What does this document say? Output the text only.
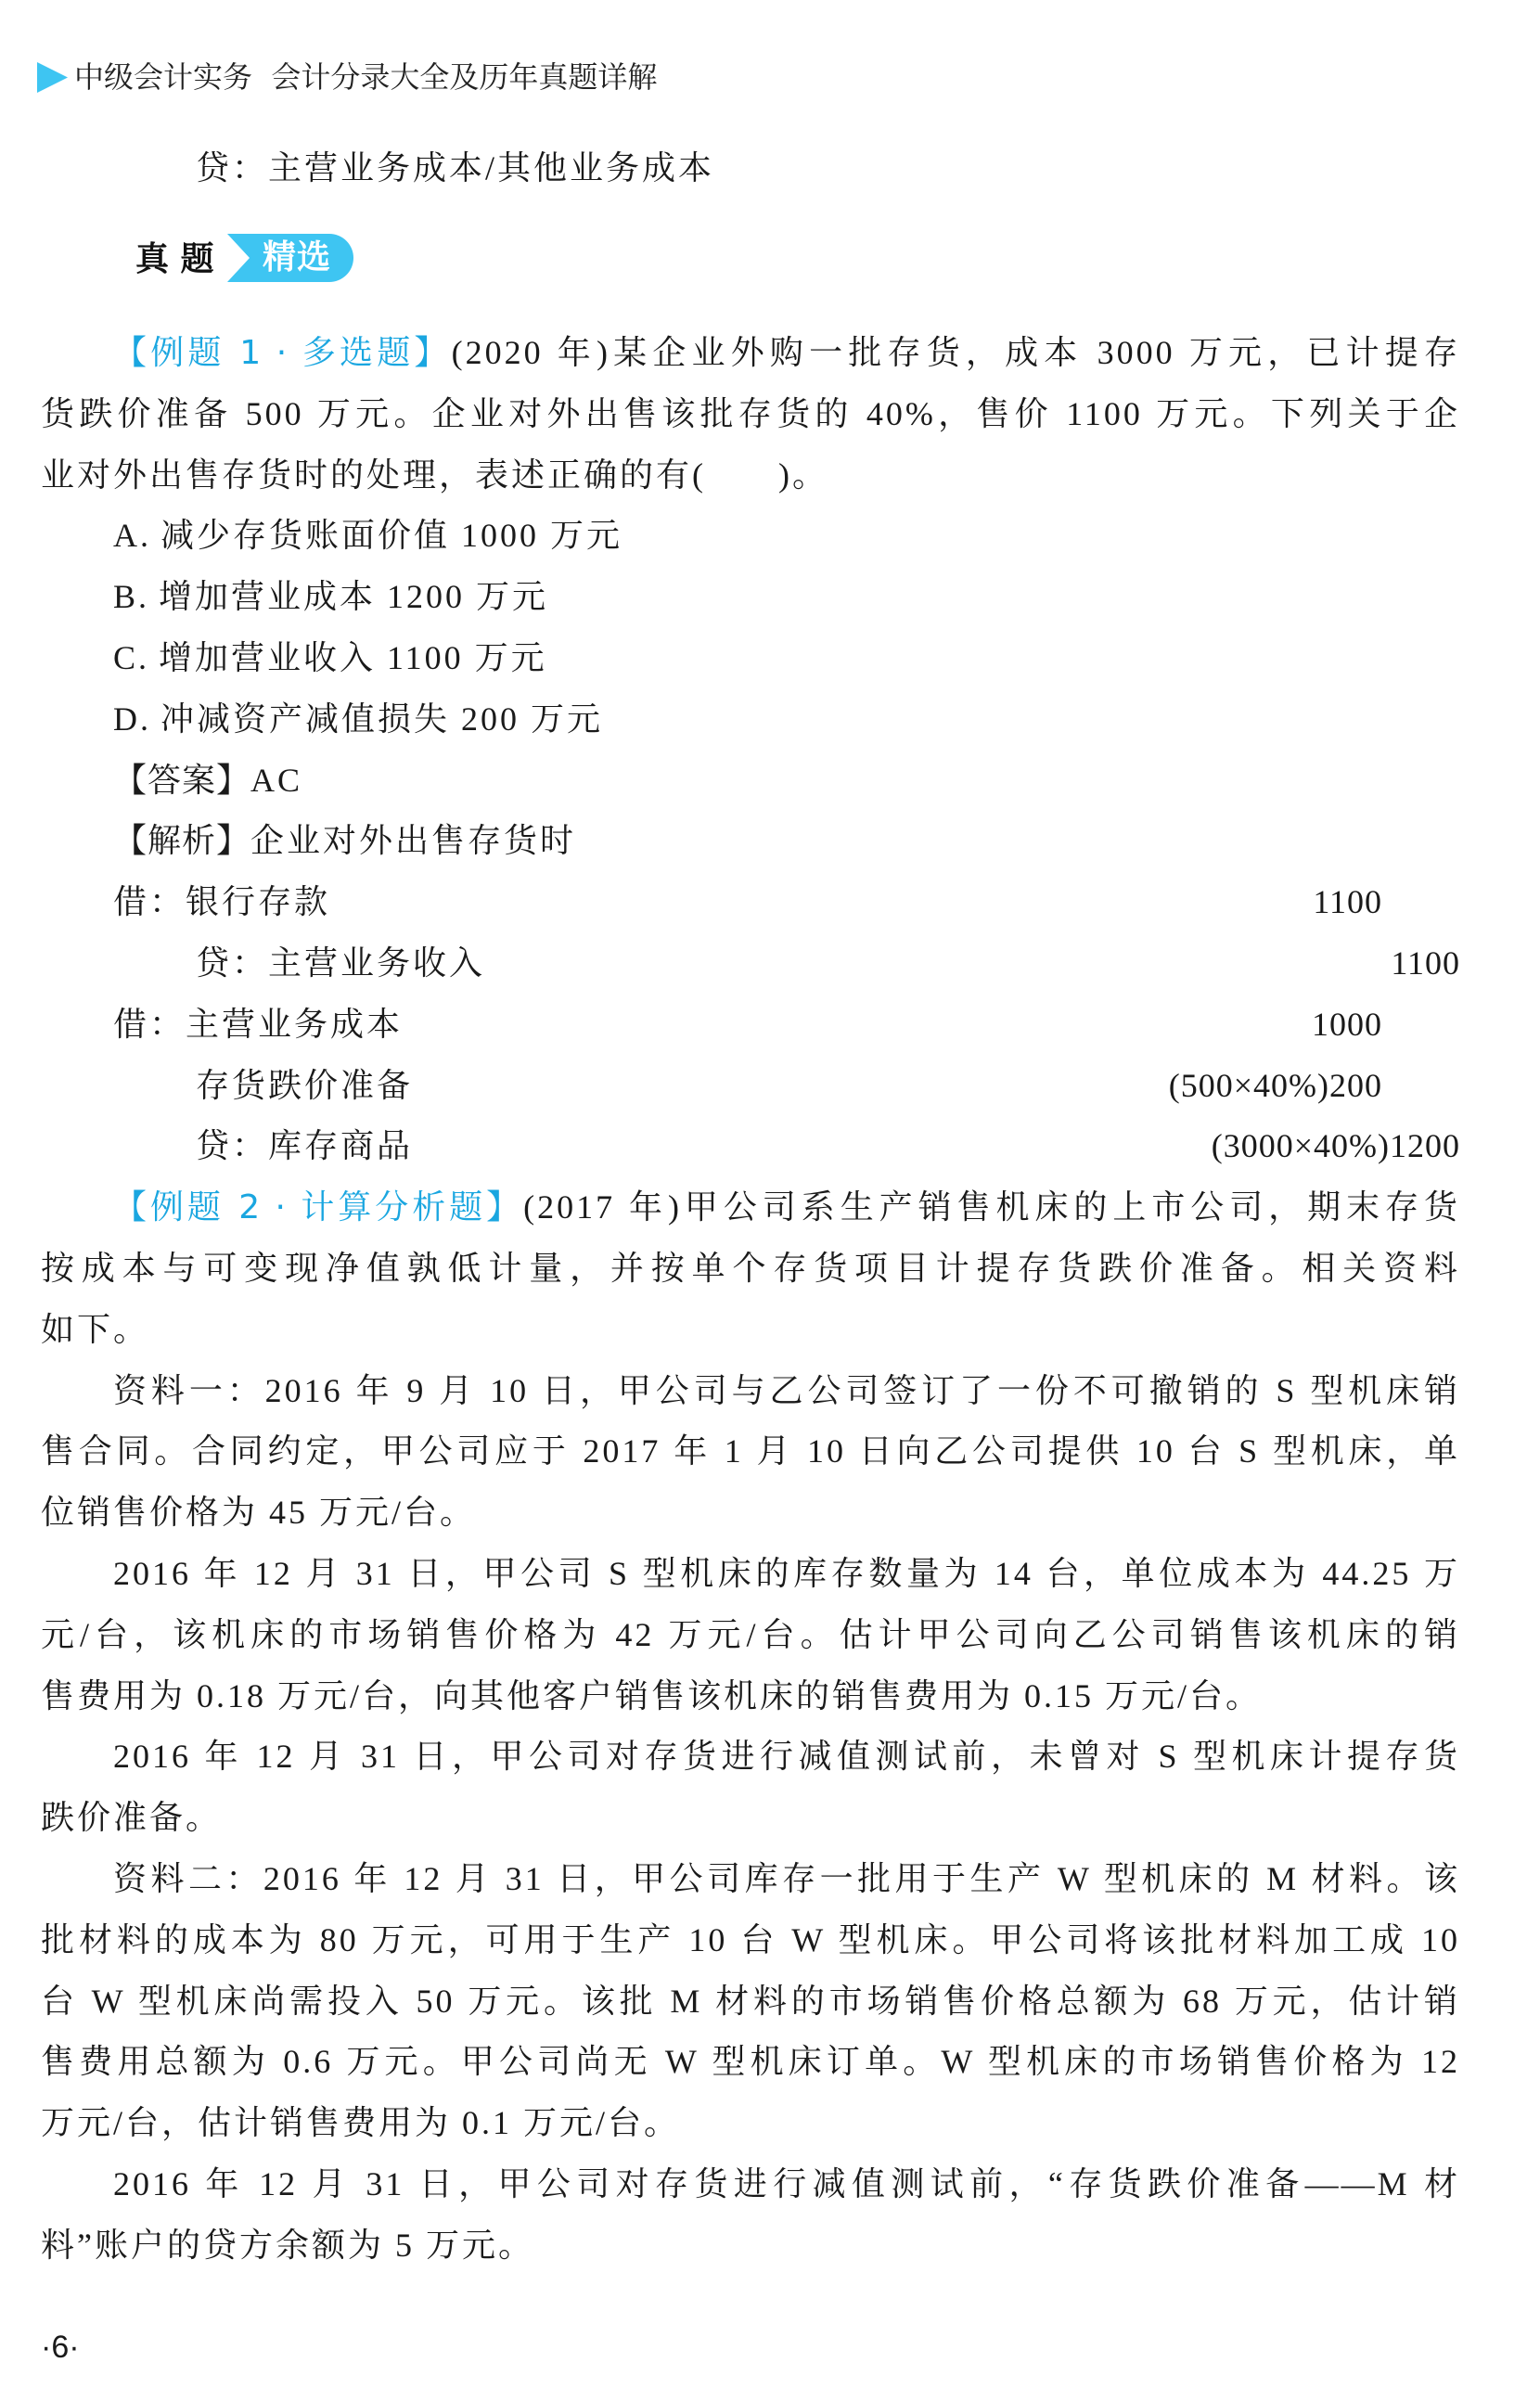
中级会计实务  会计分录大全及历年真题详解
贷：主营业务成本/其他业务成本
真 题	精选
【例题 1 · 多选题】(2020 年)某企业外购一批存货，成本 3000 万元，已计提存
货跌价准备 500 万元。企业对外出售该批存货的 40%，售价 1100 万元。下列关于企
业对外出售存货时的处理，表述正确的有(　　)。
A. 减少存货账面价值 1000 万元
B. 增加营业成本 1200 万元
C. 增加营业收入 1100 万元
D. 冲减资产减值损失 200 万元
【答案】AC
【解析】企业对外出售存货时
借：银行存款	1100
贷：主营业务收入	1100
借：主营业务成本	1000
存货跌价准备	(500×40%)200
贷：库存商品	(3000×40%)1200
【例题 2 · 计算分析题】(2017 年)甲公司系生产销售机床的上市公司，期末存货
按成本与可变现净值孰低计量，并按单个存货项目计提存货跌价准备。相关资料
如下。
资料一：2016 年 9 月 10 日，甲公司与乙公司签订了一份不可撤销的 S 型机床销
售合同。合同约定，甲公司应于 2017 年 1 月 10 日向乙公司提供 10 台 S 型机床，单
位销售价格为 45 万元/台。
2016 年 12 月 31 日，甲公司 S 型机床的库存数量为 14 台，单位成本为 44.25 万
元/台，该机床的市场销售价格为 42 万元/台。估计甲公司向乙公司销售该机床的销
售费用为 0.18 万元/台，向其他客户销售该机床的销售费用为 0.15 万元/台。
2016 年 12 月 31 日，甲公司对存货进行减值测试前，未曾对 S 型机床计提存货
跌价准备。
资料二：2016 年 12 月 31 日，甲公司库存一批用于生产 W 型机床的 M 材料。该
批材料的成本为 80 万元，可用于生产 10 台 W 型机床。甲公司将该批材料加工成 10
台 W 型机床尚需投入 50 万元。该批 M 材料的市场销售价格总额为 68 万元，估计销
售费用总额为 0.6 万元。甲公司尚无 W 型机床订单。W 型机床的市场销售价格为 12
万元/台，估计销售费用为 0.1 万元/台。
2016 年 12 月 31 日，甲公司对存货进行减值测试前，“存货跌价准备——M 材
料”账户的贷方余额为 5 万元。
·6·
